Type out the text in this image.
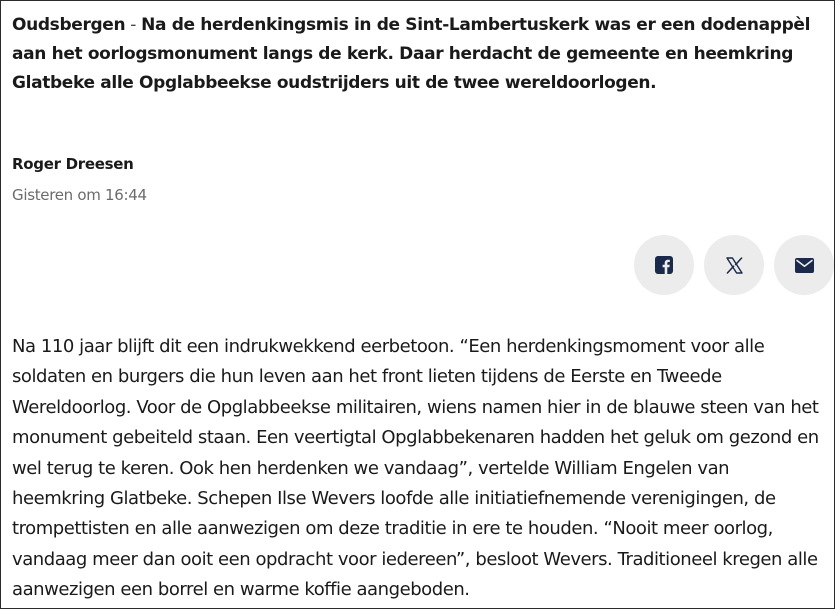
Oudsbergen - Na de herdenkingsmis in de Sint-Lambertuskerk was er een dodenappèl aan het oorlogsmonument langs de kerk. Daar herdacht de gemeente en heemkring Glatbeke alle Opglabbeekse oudstrijders uit de twee wereldoorlogen.

Roger Dreesen
Gisteren om 16:44

Na 110 jaar blijft dit een indrukwekkend eerbetoon. “Een herdenkingsmoment voor alle soldaten en burgers die hun leven aan het front lieten tijdens de Eerste en Tweede Wereldoorlog. Voor de Opglabbeekse militairen, wiens namen hier in de blauwe steen van het monument gebeiteld staan. Een veertigtal Opglabbekenaren hadden het geluk om gezond en wel terug te keren. Ook hen herdenken we vandaag”, vertelde William Engelen van heemkring Glatbeke. Schepen Ilse Wevers loofde alle initiatiefnemende verenigingen, de trompettisten en alle aanwezigen om deze traditie in ere te houden. “Nooit meer oorlog, vandaag meer dan ooit een opdracht voor iedereen”, besloot Wevers. Traditioneel kregen alle aanwezigen een borrel en warme koffie aangeboden.
